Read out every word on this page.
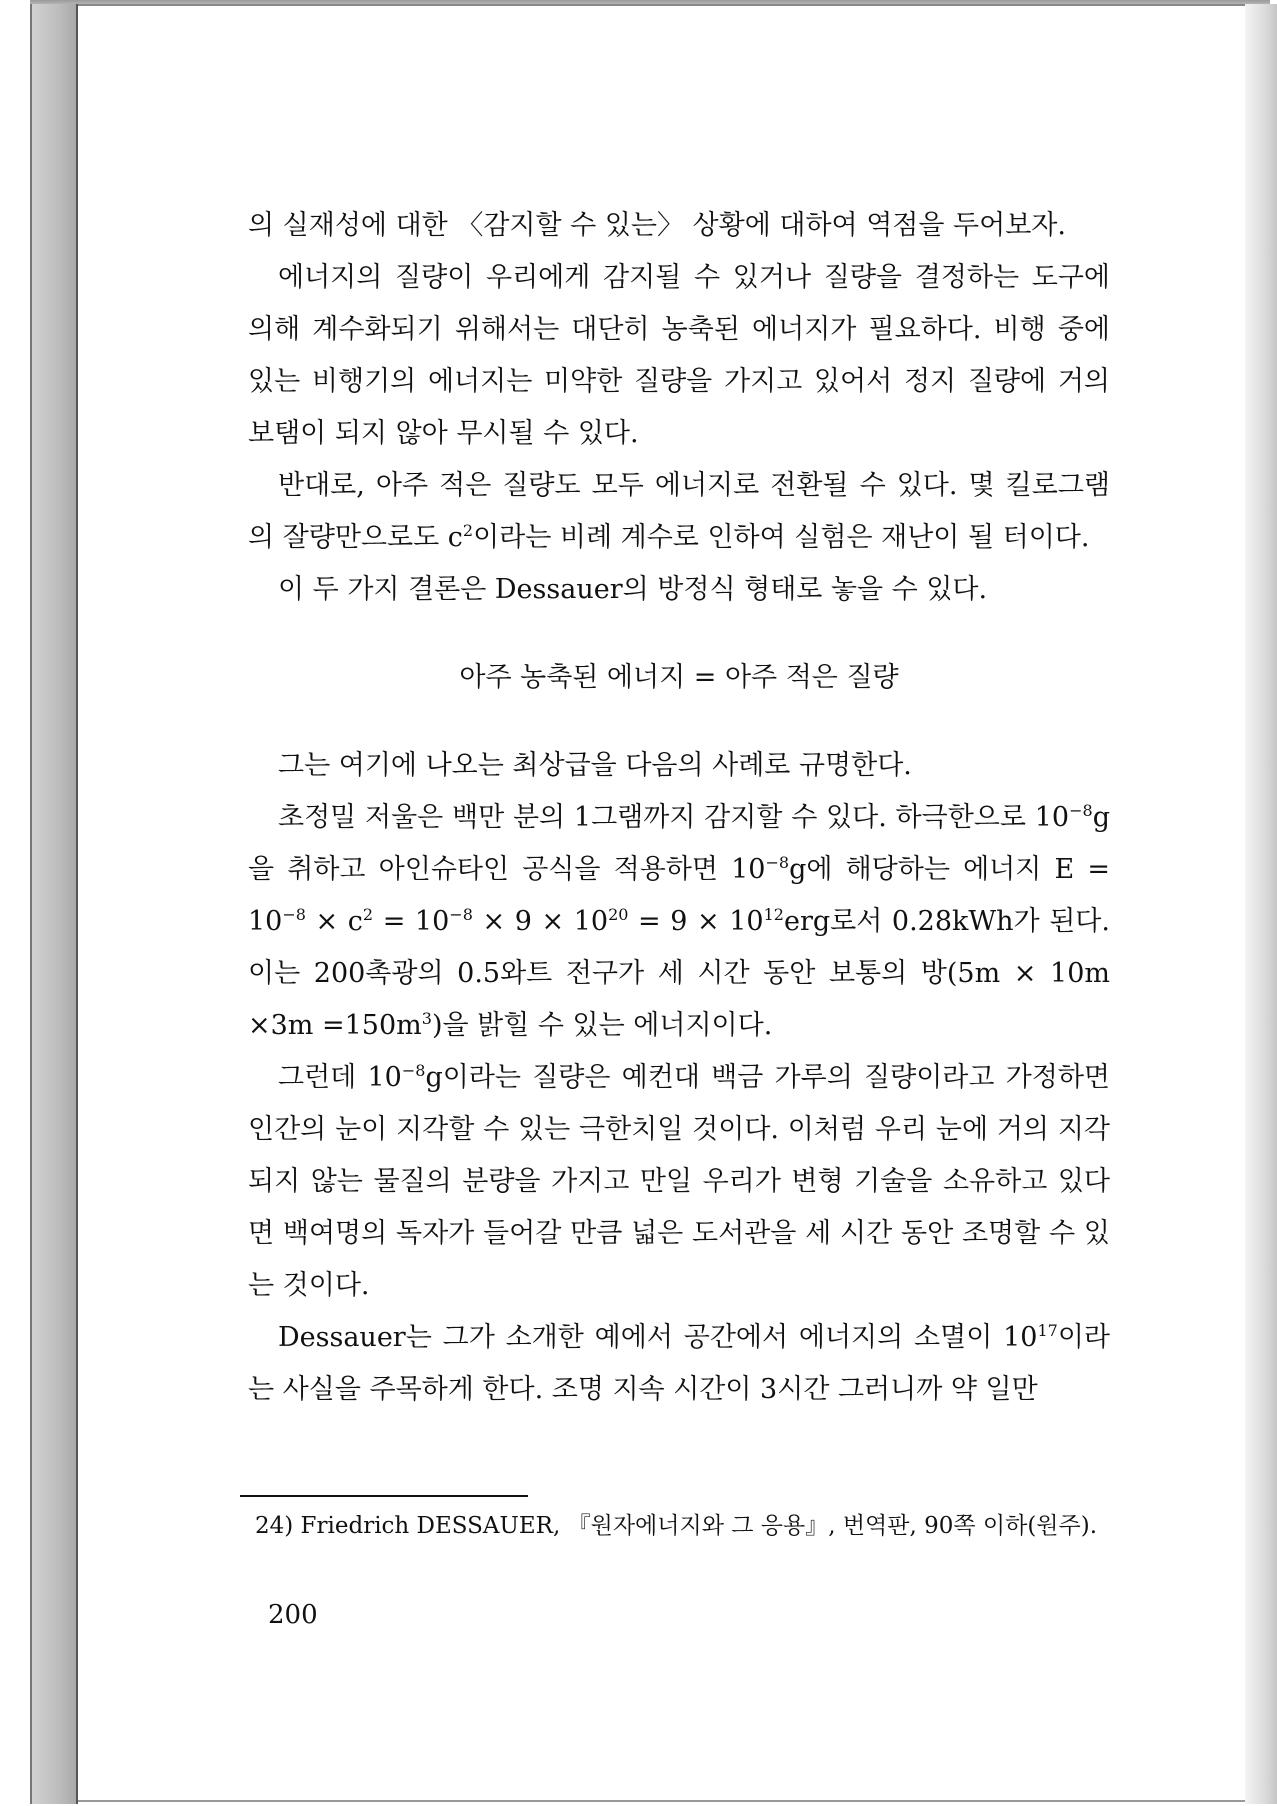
의 실재성에 대한 〈감지할 수 있는〉 상황에 대하여 역점을 두어보자.

에너지의 질량이 우리에게 감지될 수 있거나 질량을 결정하는 도구에 의해 계수화되기 위해서는 대단히 농축된 에너지가 필요하다. 비행 중에 있는 비행기의 에너지는 미약한 질량을 가지고 있어서 정지 질량에 거의 보탬이 되지 않아 무시될 수 있다.

반대로, 아주 적은 질량도 모두 에너지로 전환될 수 있다. 몇 킬로그램의 잘량만으로도 $c^2$이라는 비례 계수로 인하여 실험은 재난이 될 터이다.

이 두 가지 결론은 Dessauer의 방정식 형태로 놓을 수 있다.

아주 농축된 에너지 = 아주 적은 질량

그는 여기에 나오는 최상급을 다음의 사례로 규명한다.

초정밀 저울은 백만 분의 1그램까지 감지할 수 있다. 하극한으로 $10^{-8}g$을 취하고 아인슈타인 공식을 적용하면 $10^{-8}g$에 해당하는 에너지 $E = 10^{-8} \times c^2 = 10^{-8} \times 9 \times 10^{20} = 9 \times 10^{12}erg$로서 0.28kWh가 된다. 이는 200촉광의 0.5와트 전구가 세 시간 동안 보통의 방$(5m \times 10m \times 3m =150m^3)$을 밝힐 수 있는 에너지이다.

그런데 $10^{-8}g$이라는 질량은 예컨대 백금 가루의 질량이라고 가정하면 인간의 눈이 지각할 수 있는 극한치일 것이다. 이처럼 우리 눈에 거의 지각되지 않는 물질의 분량을 가지고 만일 우리가 변형 기술을 소유하고 있다면 백여명의 독자가 들어갈 만큼 넓은 도서관을 세 시간 동안 조명할 수 있는 것이다.

Dessauer는 그가 소개한 예에서 공간에서 에너지의 소멸이 $10^{17}$이라는 사실을 주목하게 한다. 조명 지속 시간이 3시간 그러니까 약 일만

24) Friedrich DESSAUER, 『원자에너지와 그 응용』, 번역판, 90쪽 이하(원주).
200
